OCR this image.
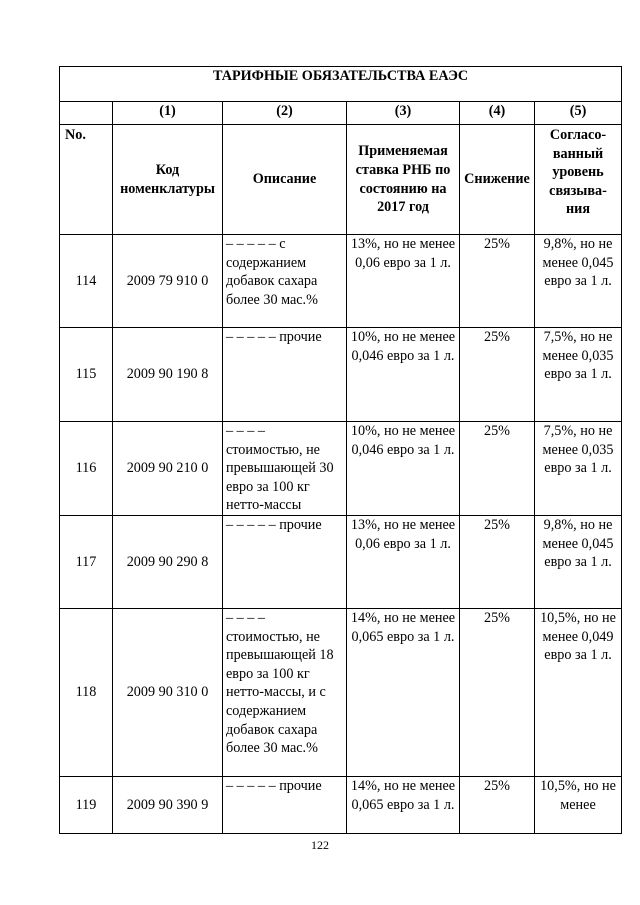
ТАРИФНЫЕ ОБЯЗАТЕЛЬСТВА ЕАЭС					
	(1)	(2)	(3)	(4)	(5)
No.	Код номенклатуры	Описание	Применяемая ставка РНБ по состоянию на 2017 год	Снижение	Согласо-ванный уровень связыва-ния
114	2009 79 910 0	– – – – – с содержанием добавок сахара более 30 мас.%	13%, но не менее 0,06 евро за 1 л.	25%	9,8%, но не менее 0,045 евро за 1 л.
115	2009 90 190 8	– – – – – прочие	10%, но не менее 0,046 евро за 1 л.	25%	7,5%, но не менее 0,035 евро за 1 л.
116	2009 90 210 0	– – – – стоимостью, не превышающей 30 евро за 100 кг нетто-массы	10%, но не менее 0,046 евро за 1 л.	25%	7,5%, но не менее 0,035 евро за 1 л.
117	2009 90 290 8	– – – – – прочие	13%, но не менее 0,06 евро за 1 л.	25%	9,8%, но не менее 0,045 евро за 1 л.
118	2009 90 310 0	– – – – стоимостью, не превышающей 18 евро за 100 кг нетто-массы, и с содержанием добавок сахара более 30 мас.%	14%, но не менее 0,065 евро за 1 л.	25%	10,5%, но не менее 0,049 евро за 1 л.
119	2009 90 390 9	– – – – – прочие	14%, но не менее 0,065 евро за 1 л.	25%	10,5%, но не менее
122
